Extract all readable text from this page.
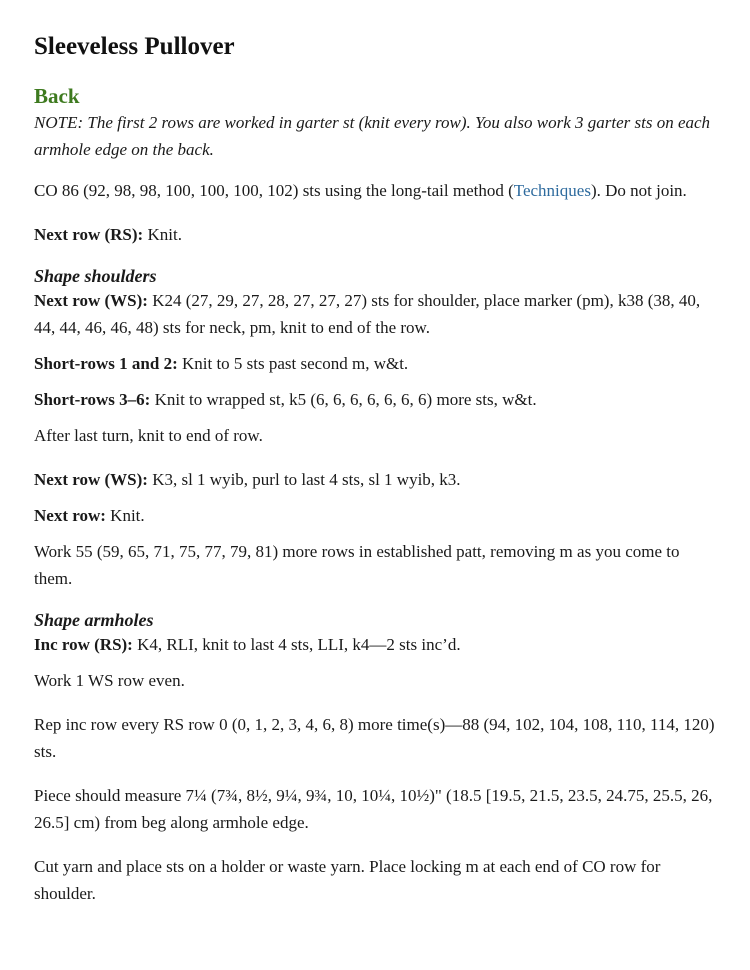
Sleeveless Pullover
Back

NOTE: The first 2 rows are worked in garter st (knit every row). You also work 3 garter sts on each armhole edge on the back.

CO 86 (92, 98, 98, 100, 100, 100, 102) sts using the long-tail method (Techniques). Do not join.

Next row (RS): Knit.

Shape shoulders

Next row (WS): K24 (27, 29, 27, 28, 27, 27, 27) sts for shoulder, place marker (pm), k38 (38, 40, 44, 44, 46, 46, 48) sts for neck, pm, knit to end of the row.

Short-rows 1 and 2: Knit to 5 sts past second m, w&t.

Short-rows 3–6: Knit to wrapped st, k5 (6, 6, 6, 6, 6, 6, 6) more sts, w&t.

After last turn, knit to end of row.

Next row (WS): K3, sl 1 wyib, purl to last 4 sts, sl 1 wyib, k3.

Next row: Knit.

Work 55 (59, 65, 71, 75, 77, 79, 81) more rows in established patt, removing m as you come to them.

Shape armholes

Inc row (RS): K4, RLI, knit to last 4 sts, LLI, k4—2 sts inc’d.

Work 1 WS row even.

Rep inc row every RS row 0 (0, 1, 2, 3, 4, 6, 8) more time(s)—88 (94, 102, 104, 108, 110, 114, 120) sts.

Piece should measure 7¼ (7¾, 8½, 9¼, 9¾, 10, 10¼, 10½)" (18.5 [19.5, 21.5, 23.5, 24.75, 25.5, 26, 26.5] cm) from beg along armhole edge.

Cut yarn and place sts on a holder or waste yarn. Place locking m at each end of CO row for shoulder.
